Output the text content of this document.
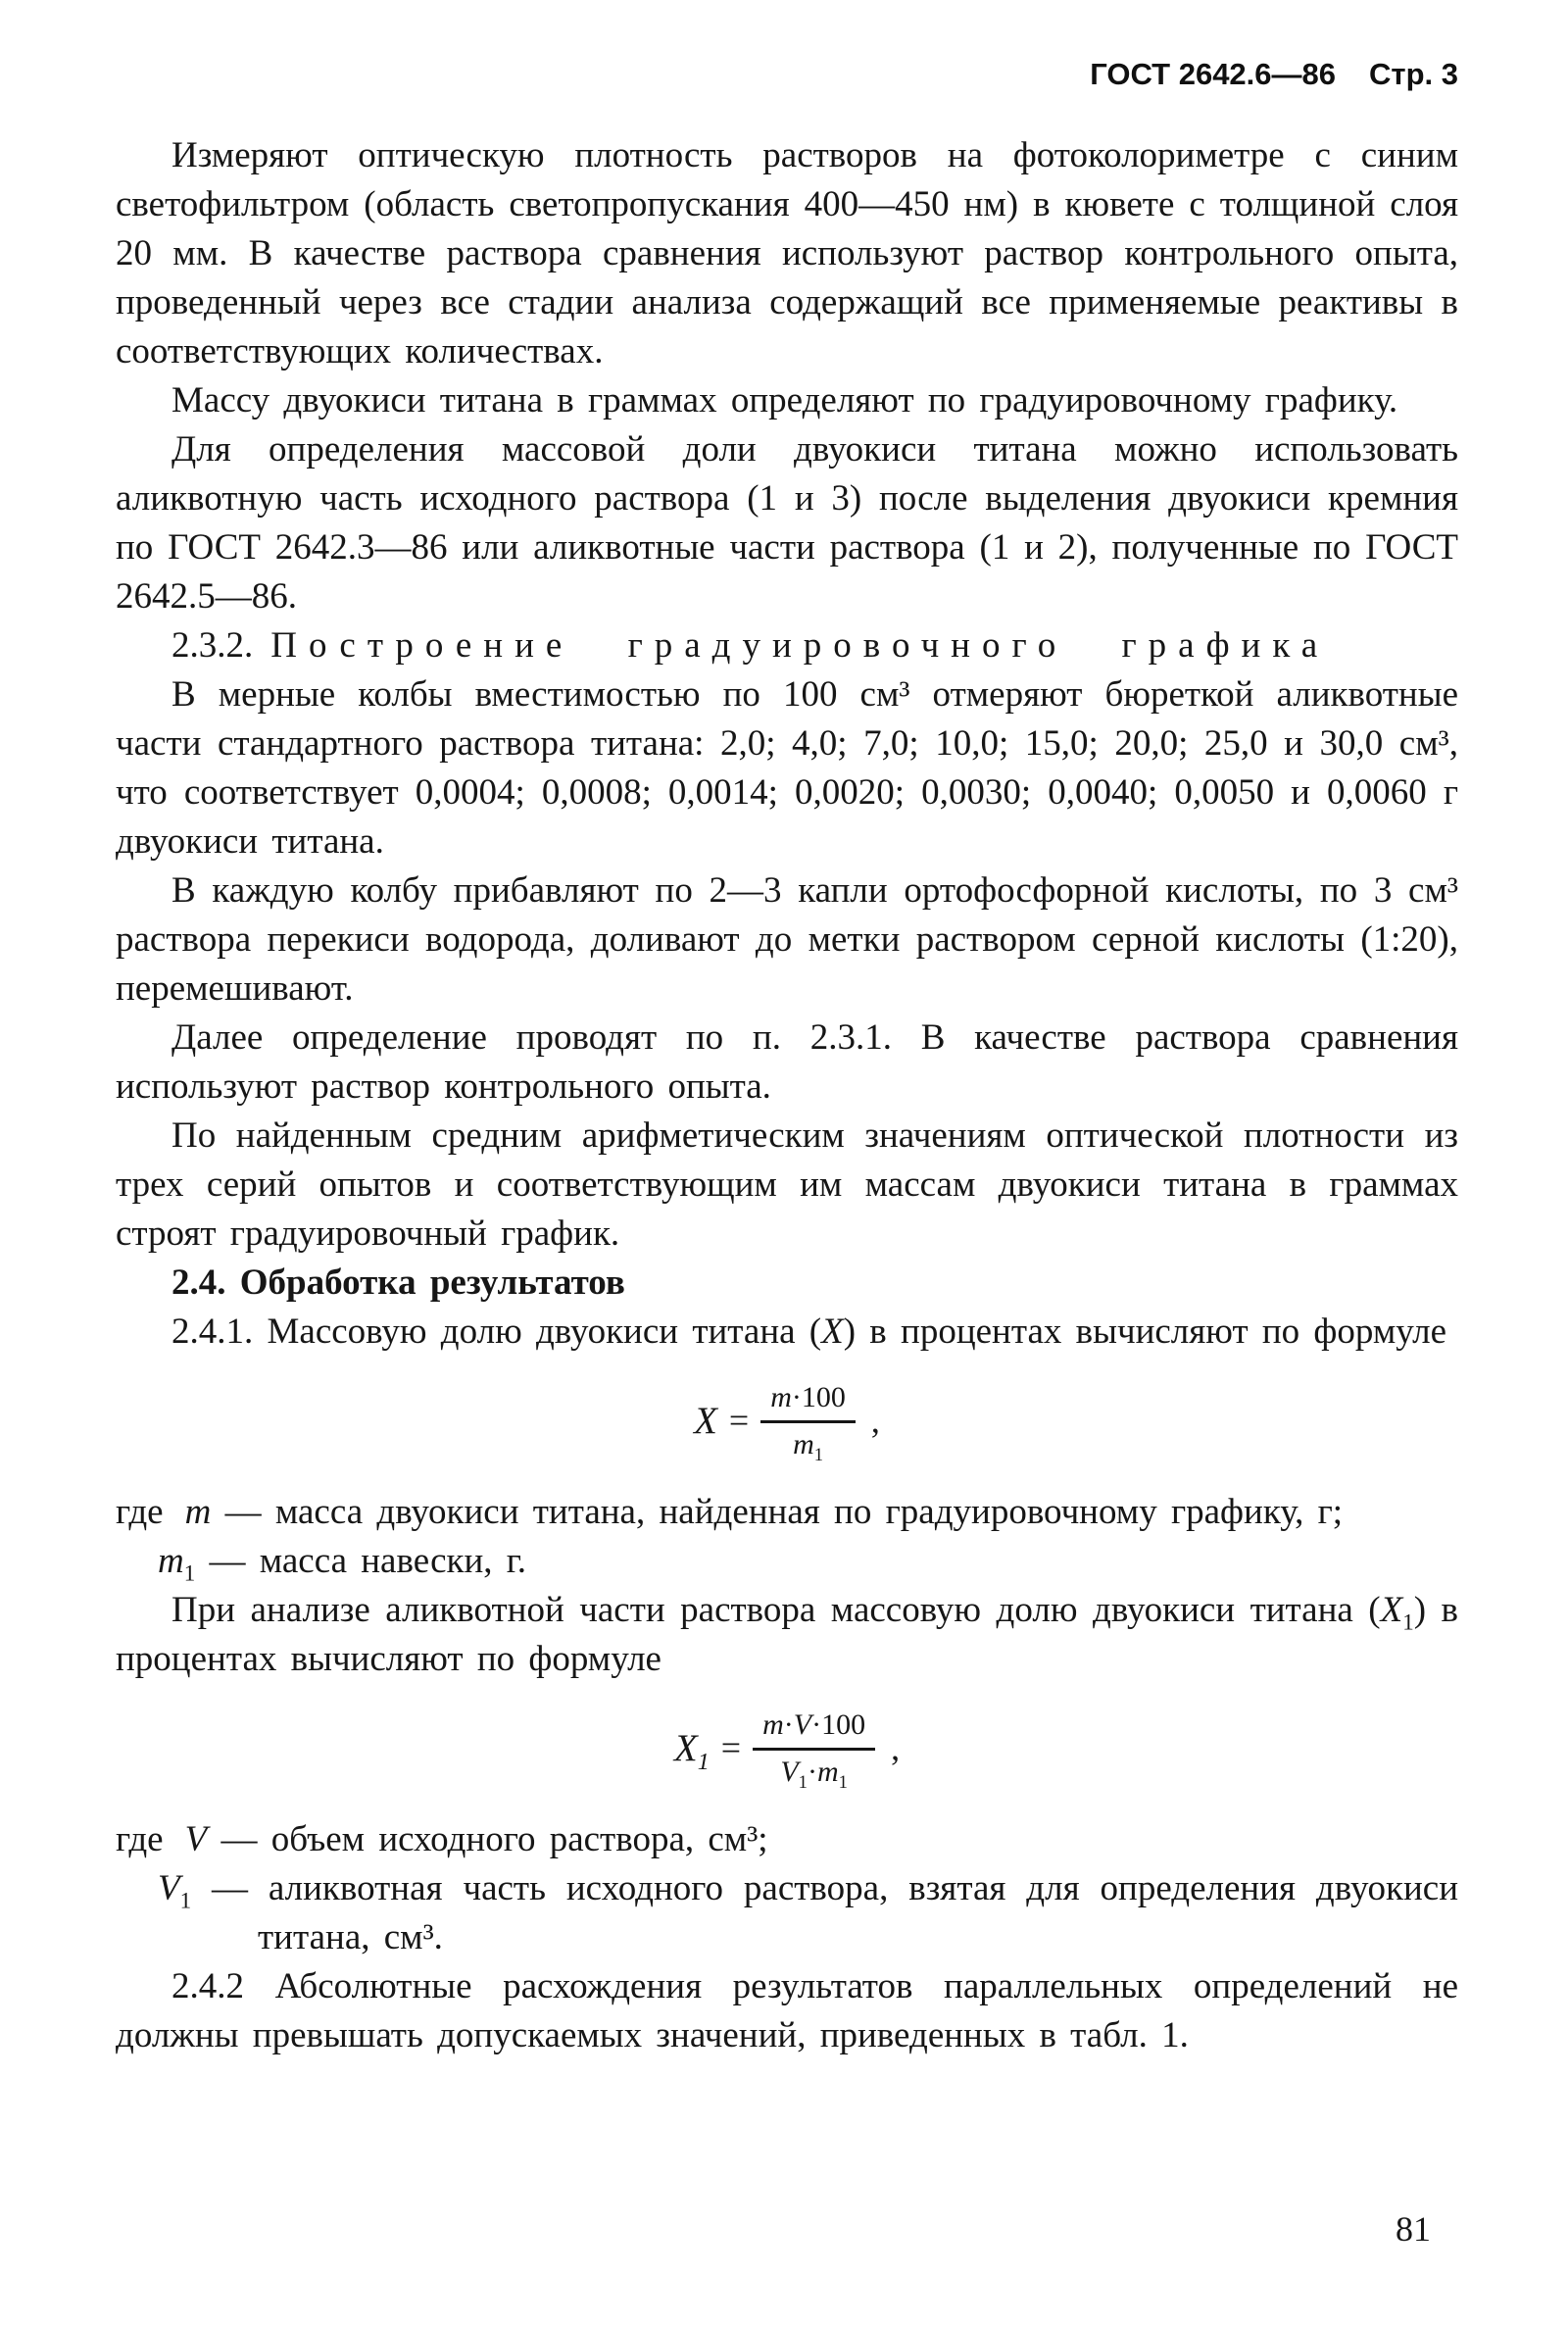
ГОСТ 2642.6—86 Стр. 3

Измеряют оптическую плотность растворов на фотоколориметре с синим светофильтром (область светопропускания 400—450 нм) в кювете с толщиной слоя 20 мм. В качестве раствора сравнения используют раствор контрольного опыта, проведенный через все стадии анализа содержащий все применяемые реактивы в соответствующих количествах.

Массу двуокиси титана в граммах определяют по градуировочному графику.

Для определения массовой доли двуокиси титана можно использовать аликвотную часть исходного раствора (1 и 3) после выделения двуокиси кремния по ГОСТ 2642.3—86 или аликвотные части раствора (1 и 2), полученные по ГОСТ 2642.5—86.

2.3.2. Построение градуировочного графика

В мерные колбы вместимостью по 100 см³ отмеряют бюреткой аликвотные части стандартного раствора титана: 2,0; 4,0; 7,0; 10,0; 15,0; 20,0; 25,0 и 30,0 см³, что соответствует 0,0004; 0,0008; 0,0014; 0,0020; 0,0030; 0,0040; 0,0050 и 0,0060 г двуокиси титана.

В каждую колбу прибавляют по 2—3 капли ортофосфорной кислоты, по 3 см³ раствора перекиси водорода, доливают до метки раствором серной кислоты (1:20), перемешивают.

Далее определение проводят по п. 2.3.1. В качестве раствора сравнения используют раствор контрольного опыта.

По найденным средним арифметическим значениям оптической плотности из трех серий опытов и соответствующим им массам двуокиси титана в граммах строят градуировочный график.

2.4. Обработка результатов

2.4.1. Массовую долю двуокиси титана (X) в процентах вычисляют по формуле

$X = \frac{m\cdot 100}{m_1}$ ,

где m — масса двуокиси титана, найденная по градуировочному графику, г;

$m_1$ — масса навески, г.

При анализе аликвотной части раствора массовую долю двуокиси титана $(X_1)$ в процентах вычисляют по формуле

$X_1 = \frac{m\cdot V\cdot 100}{V_1\cdot m_1}$ ,

где V — объем исходного раствора, см³;

$V_1$ — аликвотная часть исходного раствора, взятая для определения двуокиси титана, см³.

2.4.2 Абсолютные расхождения результатов параллельных определений не должны превышать допускаемых значений, приведенных в табл. 1.

81
